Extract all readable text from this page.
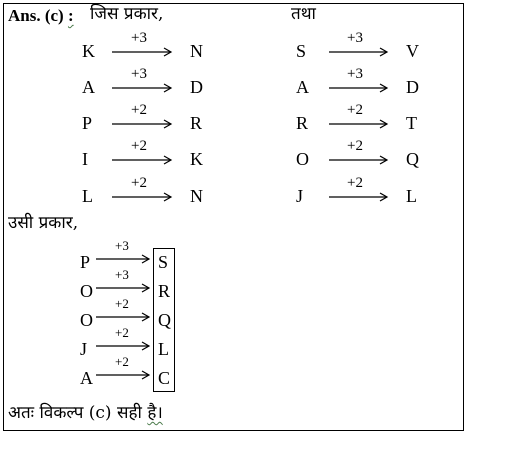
Ans. (c) : जिस प्रकार,	तथा
उसी प्रकार,
अतः विकल्प (c) सही है।
K
+3
N
A
+3
D
P
+2
R
I
+2
K
L
+2
N
S
+3
V
A
+3
D
R
+2
T
O
+2
Q
J
+2
L
P
+3
S
O
+3
R
O
+2
Q
J
+2
L
A
+2
C
